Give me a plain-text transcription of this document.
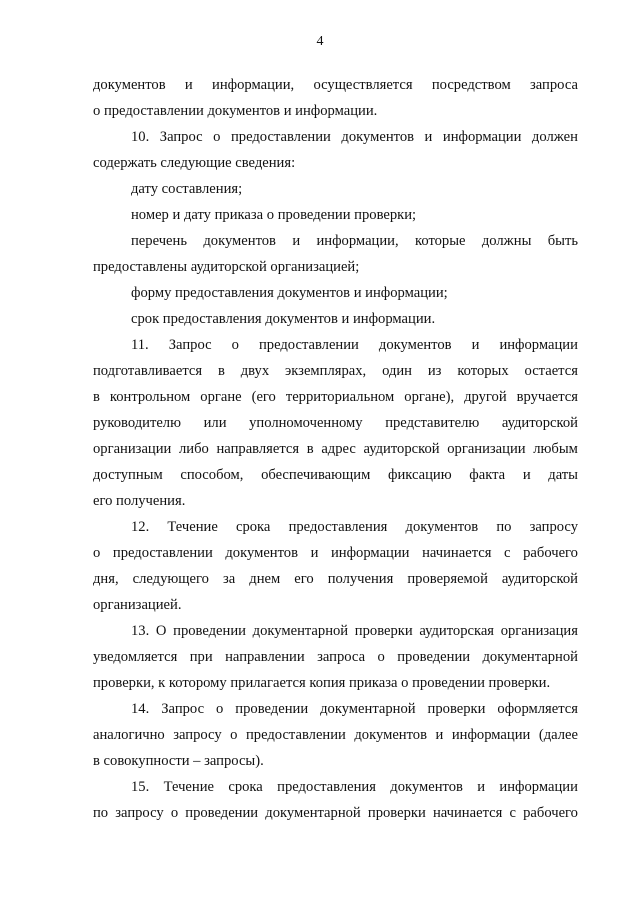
4
документов и информации, осуществляется посредством запроса
о предоставлении документов и информации.
10. Запрос о предоставлении документов и информации должен
содержать следующие сведения:
дату составления;
номер и дату приказа о проведении проверки;
перечень документов и информации, которые должны быть
предоставлены аудиторской организацией;
форму предоставления документов и информации;
срок предоставления документов и информации.
11. Запрос о предоставлении документов и информации
подготавливается в двух экземплярах, один из которых остается
в контрольном органе (его территориальном органе), другой вручается
руководителю или уполномоченному представителю аудиторской
организации либо направляется в адрес аудиторской организации любым
доступным способом, обеспечивающим фиксацию факта и даты
его получения.
12. Течение срока предоставления документов по запросу
о предоставлении документов и информации начинается с рабочего
дня, следующего за днем его получения проверяемой аудиторской
организацией.
13. О проведении документарной проверки аудиторская организация
уведомляется при направлении запроса о проведении документарной
проверки, к которому прилагается копия приказа о проведении проверки.
14. Запрос о проведении документарной проверки оформляется
аналогично запросу о предоставлении документов и информации (далее
в совокупности – запросы).
15. Течение срока предоставления документов и информации
по запросу о проведении документарной проверки начинается с рабочего
